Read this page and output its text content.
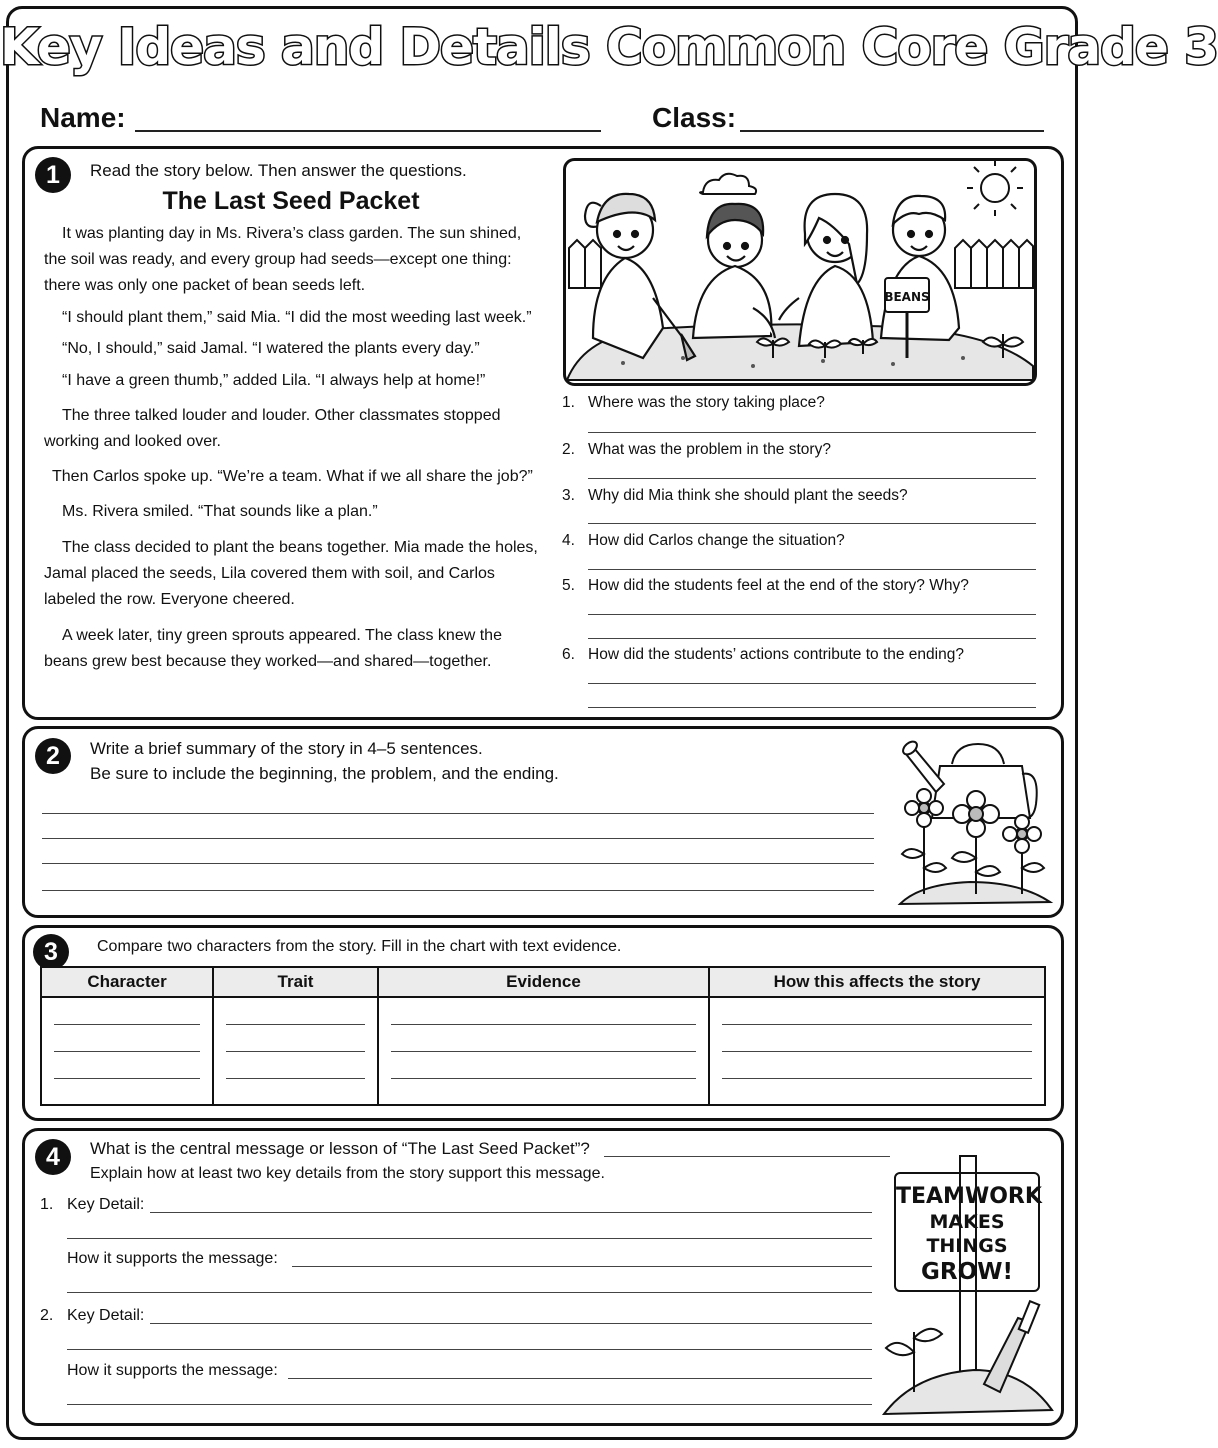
Key Ideas and Details Common Core Grade 3
Name:	Class:
1	Read the story below. Then answer the questions.
The Last Seed Packet

It was planting day in Ms. Rivera’s class garden. The sun shined, the soil was ready, and every group had seeds—except one thing: there was only one packet of bean seeds left.

“I should plant them,” said Mia. “I did the most weeding last week.”

“No, I should,” said Jamal. “I watered the plants every day.”

“I have a green thumb,” added Lila. “I always help at home!”

The three talked louder and louder. Other classmates stopped working and looked over.

Then Carlos spoke up. “We’re a team. What if we all share the job?”

Ms. Rivera smiled. “That sounds like a plan.”

The class decided to plant the beans together. Mia made the holes, Jamal placed the seeds, Lila covered them with soil, and Carlos labeled the row. Everyone cheered.

A week later, tiny green sprouts appeared. The class knew the beans grew best because they worked—and shared—together.

BEANS
1. Where was the story taking place?
2. What was the problem in the story?
3. Why did Mia think she should plant the seeds?
4. How did Carlos change the situation?
5. How did the students feel at the end of the story? Why?
6. How did the students’ actions contribute to the ending?
2	Write a brief summary of the story in 4–5 sentences.
Be sure to include the beginning, the problem, and the ending.
3	Compare two characters from the story. Fill in the chart with text evidence.
Character	Trait	Evidence	How this affects the story

4	What is the central message or lesson of “The Last Seed Packet”?
Explain how at least two key details from the story support this message.
1. Key Detail:
How it supports the message:
2. Key Detail:
How it supports the message:
TEAMWORK
MAKES
THINGS
GROW!
